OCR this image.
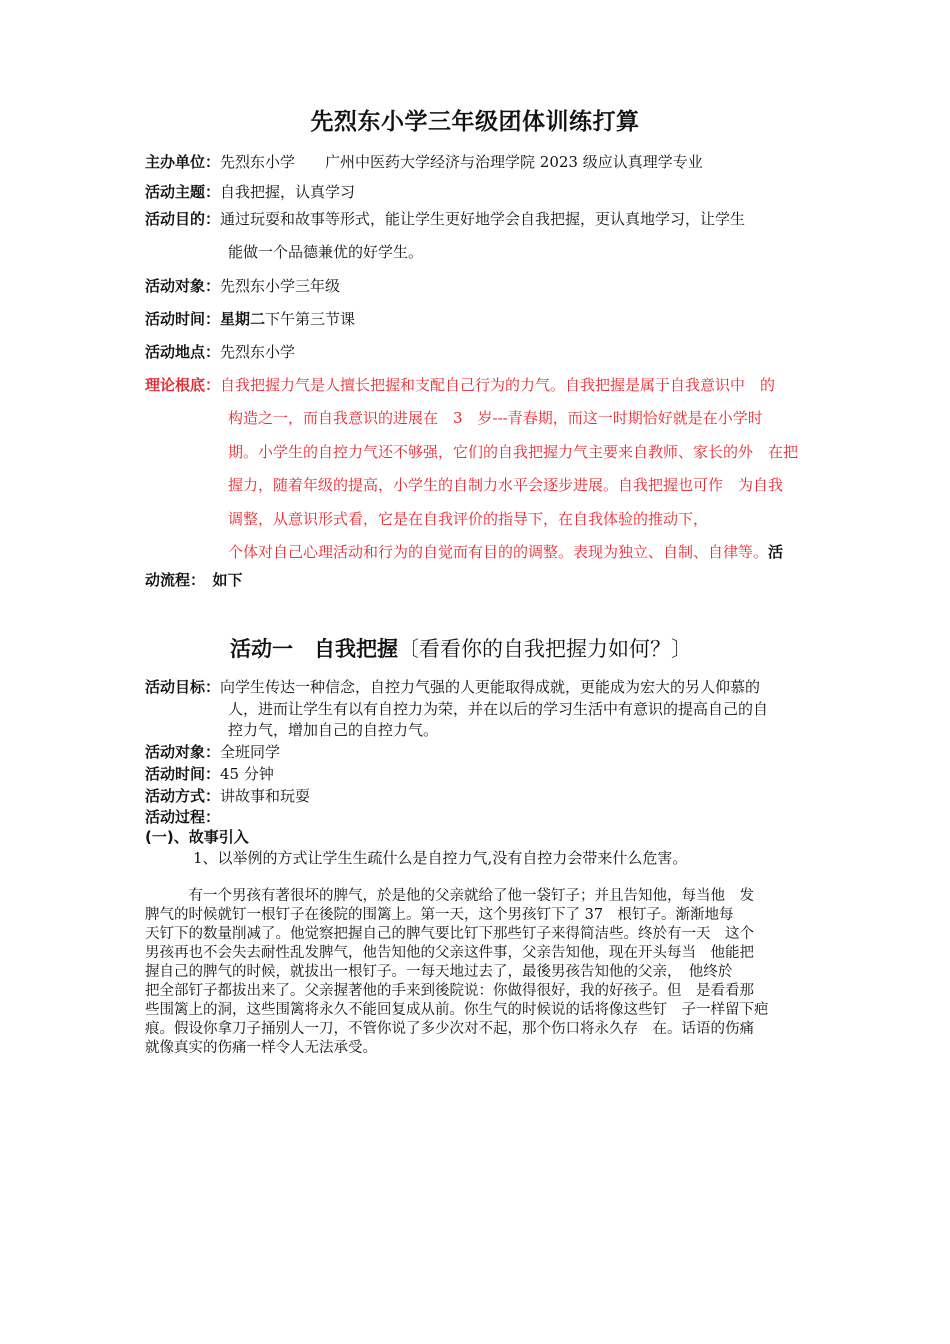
先烈东小学三年级团体训练打算
主办单位：先烈东小学　　广州中医药大学经济与治理学院 2023 级应认真理学专业
活动主题：自我把握，认真学习
活动目的：通过玩耍和故事等形式，能让学生更好地学会自我把握，更认真地学习，让学生
能做一个品德兼优的好学生。
活动对象：先烈东小学三年级
活动时间：星期二下午第三节课
活动地点：先烈东小学
理论根底：自我把握力气是人擅长把握和支配自己行为的力气。自我把握是属于自我意识中　的
构造之一，而自我意识的进展在　3　岁---青春期，而这一时期恰好就是在小学时
期。小学生的自控力气还不够强，它们的自我把握力气主要来自教师、家长的外　在把
握力，随着年级的提高，小学生的自制力水平会逐步进展。自我把握也可作　为自我
调整，从意识形式看，它是在自我评价的指导下，在自我体验的推动下，
个体对自己心理活动和行为的自觉而有目的的调整。表现为独立、自制、自律等。活
动流程：　 如下
活动一　自我把握〔看看你的自我把握力如何？〕
活动目标：向学生传达一种信念，自控力气强的人更能取得成就，更能成为宏大的另人仰慕的
人，进而让学生有以有自控力为荣，并在以后的学习生活中有意识的提高自己的自
控力气，增加自己的自控力气。
活动对象：全班同学
活动时间：45 分钟
活动方式：讲故事和玩耍
活动过程：
(一)、故事引入
1、以举例的方式让学生生疏什么是自控力气,没有自控力会带来什么危害。
　　　有一个男孩有著很坏的脾气，於是他的父亲就给了他一袋钉子；并且告知他，每当他　发
脾气的时候就钉一根钉子在後院的围篱上。第一天，这个男孩钉下了 37　根钉子。渐渐地每
天钉下的数量削减了。他觉察把握自己的脾气要比钉下那些钉子来得简洁些。终於有一天　这个
男孩再也不会失去耐性乱发脾气，他告知他的父亲这件事，父亲告知他，现在开头每当　他能把
握自己的脾气的时候，就拔出一根钉子。一每天地过去了，最後男孩告知他的父亲，　他终於
把全部钉子都拔出来了。父亲握著他的手来到後院说：你做得很好，我的好孩子。但　是看看那
些围篱上的洞，这些围篱将永久不能回复成从前。你生气的时候说的话将像这些钉　子一样留下疤
痕。假设你拿刀子捅别人一刀，不管你说了多少次对不起，那个伤口将永久存　在。话语的伤痛
就像真实的伤痛一样令人无法承受。
